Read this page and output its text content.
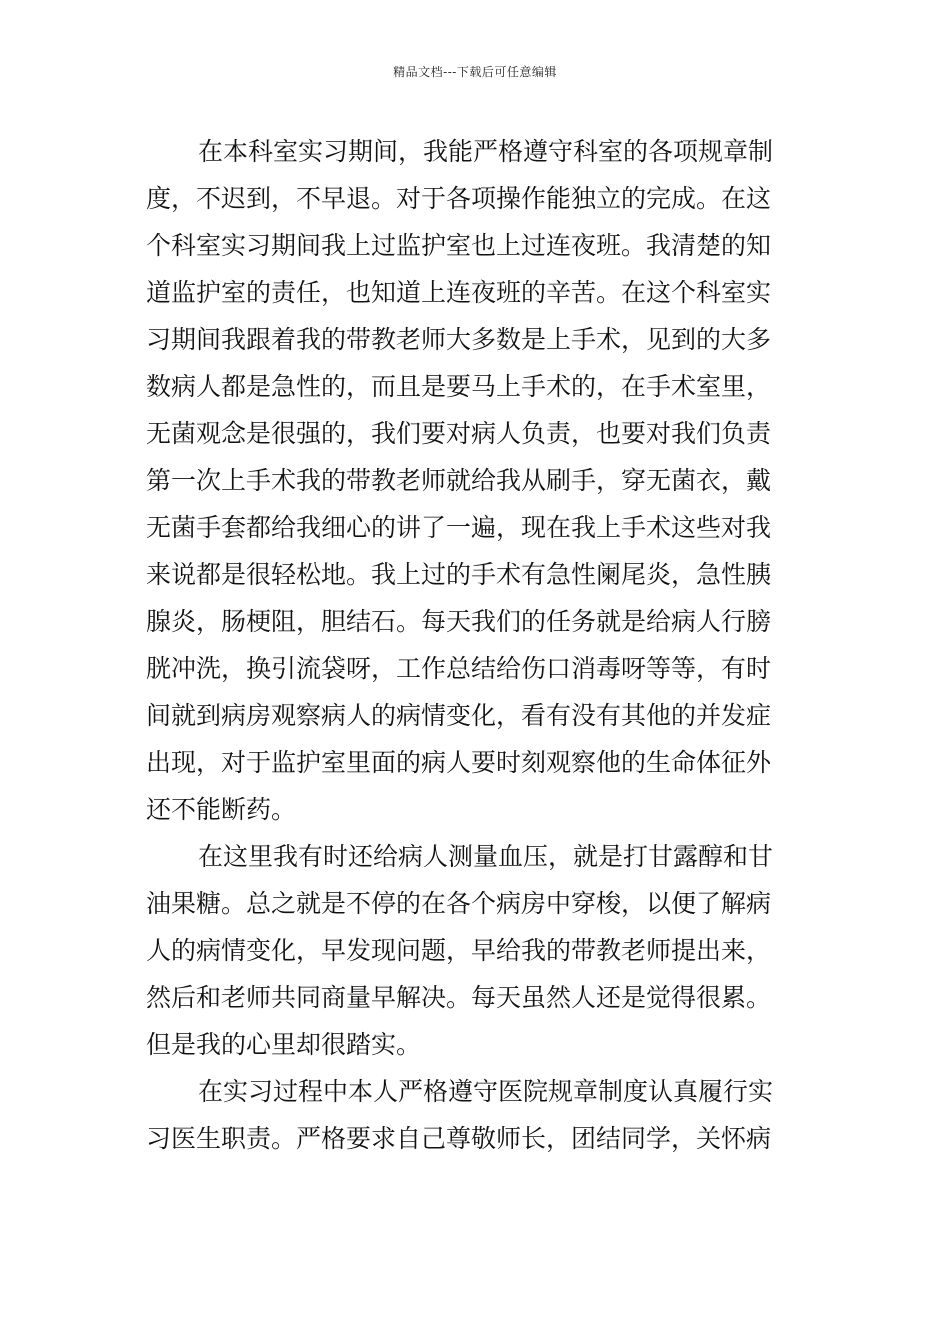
精品文档---下载后可任意编辑
在本科室实习期间，我能严格遵守科室的各项规章制
度，不迟到，不早退。对于各项操作能独立的完成。在这
个科室实习期间我上过监护室也上过连夜班。我清楚的知
道监护室的责任，也知道上连夜班的辛苦。在这个科室实
习期间我跟着我的带教老师大多数是上手术，见到的大多
数病人都是急性的，而且是要马上手术的，在手术室里，
无菌观念是很强的，我们要对病人负责，也要对我们负责
第一次上手术我的带教老师就给我从刷手，穿无菌衣，戴
无菌手套都给我细心的讲了一遍，现在我上手术这些对我
来说都是很轻松地。我上过的手术有急性阑尾炎，急性胰
腺炎，肠梗阻，胆结石。每天我们的任务就是给病人行膀
胱冲洗，换引流袋呀，工作总结给伤口消毒呀等等，有时
间就到病房观察病人的病情变化，看有没有其他的并发症
出现，对于监护室里面的病人要时刻观察他的生命体征外
还不能断药。
在这里我有时还给病人测量血压，就是打甘露醇和甘
油果糖。总之就是不停的在各个病房中穿梭，以便了解病
人的病情变化，早发现问题，早给我的带教老师提出来，
然后和老师共同商量早解决。每天虽然人还是觉得很累。
但是我的心里却很踏实。
在实习过程中本人严格遵守医院规章制度认真履行实
习医生职责。严格要求自己尊敬师长，团结同学，关怀病
